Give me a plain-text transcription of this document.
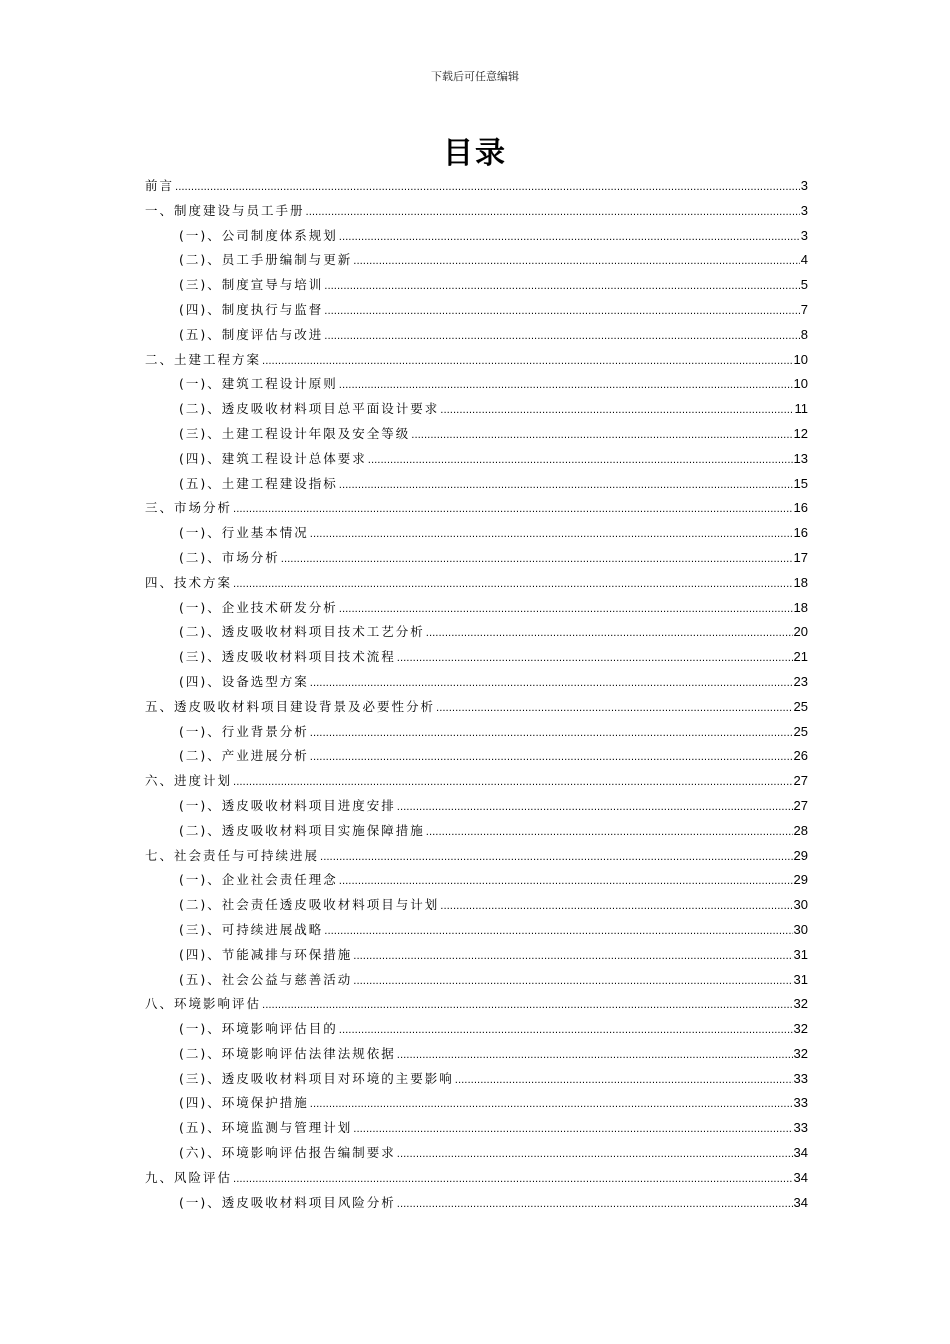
下载后可任意编辑
目录
前言 .....	3
一、制度建设与员工手册 .....	3
(一)、公司制度体系规划 .....	3
(二)、员工手册编制与更新 .....	4
(三)、制度宣导与培训 .....	5
(四)、制度执行与监督 .....	7
(五)、制度评估与改进 .....	8
二、土建工程方案 .....	10
(一)、建筑工程设计原则 .....	10
(二)、透皮吸收材料项目总平面设计要求 .....	11
(三)、土建工程设计年限及安全等级 .....	12
(四)、建筑工程设计总体要求 .....	13
(五)、土建工程建设指标 .....	15
三、市场分析 .....	16
(一)、行业基本情况 .....	16
(二)、市场分析 .....	17
四、技术方案 .....	18
(一)、企业技术研发分析 .....	18
(二)、透皮吸收材料项目技术工艺分析 .....	20
(三)、透皮吸收材料项目技术流程 .....	21
(四)、设备选型方案 .....	23
五、透皮吸收材料项目建设背景及必要性分析 .....	25
(一)、行业背景分析 .....	25
(二)、产业进展分析 .....	26
六、进度计划 .....	27
(一)、透皮吸收材料项目进度安排 .....	27
(二)、透皮吸收材料项目实施保障措施 .....	28
七、社会责任与可持续进展 .....	29
(一)、企业社会责任理念 .....	29
(二)、社会责任透皮吸收材料项目与计划 .....	30
(三)、可持续进展战略 .....	30
(四)、节能减排与环保措施 .....	31
(五)、社会公益与慈善活动 .....	31
八、环境影响评估 .....	32
(一)、环境影响评估目的 .....	32
(二)、环境影响评估法律法规依据 .....	32
(三)、透皮吸收材料项目对环境的主要影响 .....	33
(四)、环境保护措施 .....	33
(五)、环境监测与管理计划 .....	33
(六)、环境影响评估报告编制要求 .....	34
九、风险评估 .....	34
(一)、透皮吸收材料项目风险分析 .....	34
